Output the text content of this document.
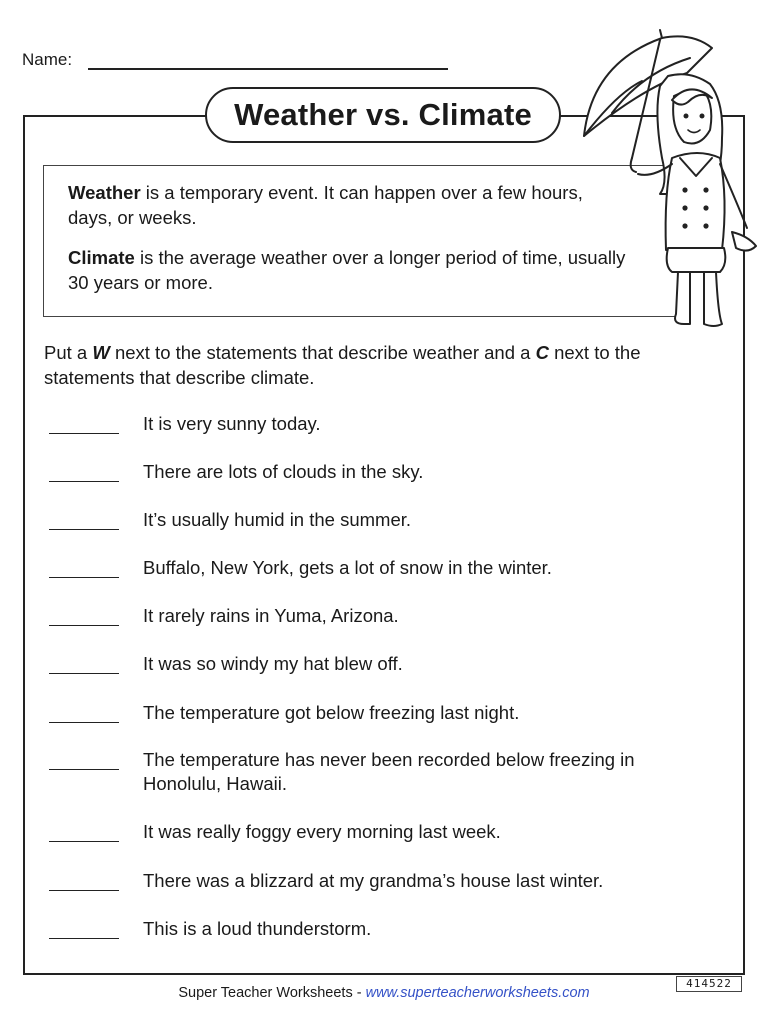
Name:
Weather vs. Climate
Weather is a temporary event. It can happen over a few hours, days, or weeks.
Climate is the average weather over a longer period of time, usually 30 years or more.
Put a W next to the statements that describe weather and a C next to the statements that describe climate.
It is very sunny today.
There are lots of clouds in the sky.
It’s usually humid in the summer.
Buffalo, New York, gets a lot of snow in the winter.
It rarely rains in Yuma, Arizona.
It was so windy my hat blew off.
The temperature got below freezing last night.
The temperature has never been recorded below freezing in Honolulu, Hawaii.
It was really foggy every morning last week.
There was a blizzard at my grandma’s house last winter.
This is a loud thunderstorm.
Super Teacher Worksheets - www.superteacherworksheets.com
414522
